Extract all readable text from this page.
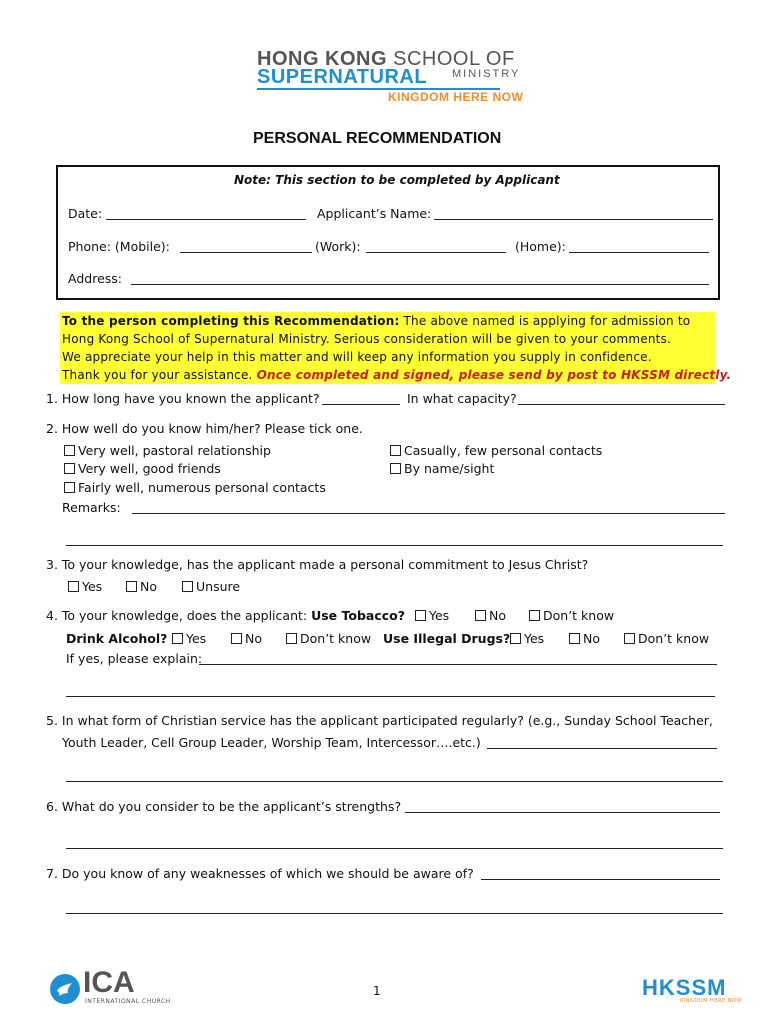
HONG KONG SCHOOL OF
SUPERNATURAL MINISTRY
KINGDOM HERE NOW
PERSONAL RECOMMENDATION
Note: This section to be completed by Applicant
Date:	Applicant’s Name:
Phone: (Mobile):	(Work):	(Home):
Address:
To the person completing this Recommendation: The above named is applying for admission to
Hong Kong School of Supernatural Ministry. Serious consideration will be given to your comments.
We appreciate your help in this matter and will keep any information you supply in confidence.
Thank you for your assistance. Once completed and signed, please send by post to HKSSM directly.
1. How long have you known the applicant?	In what capacity?
2. How well do you know him/her? Please tick one.
Very well, pastoral relationship
Very well, good friends
Fairly well, numerous personal contacts
Casually, few personal contacts
By name/sight
Remarks:
3. To your knowledge, has the applicant made a personal commitment to Jesus Christ?
Yes	No	Unsure
4. To your knowledge, does the applicant: Use Tobacco?	Yes	No	Don’t know
Drink Alcohol?	Yes	No	Don’t know Use Illegal Drugs?	Yes	No	Don’t know
If yes, please explain:
5. In what form of Christian service has the applicant participated regularly? (e.g., Sunday School Teacher,
Youth Leader, Cell Group Leader, Worship Team, Intercessor….etc.)
6. What do you consider to be the applicant’s strengths?
7. Do you know of any weaknesses of which we should be aware of?
ICA
INTERNATIONAL CHURCH
1	HKSSM
KINGDOM HERE NOW
